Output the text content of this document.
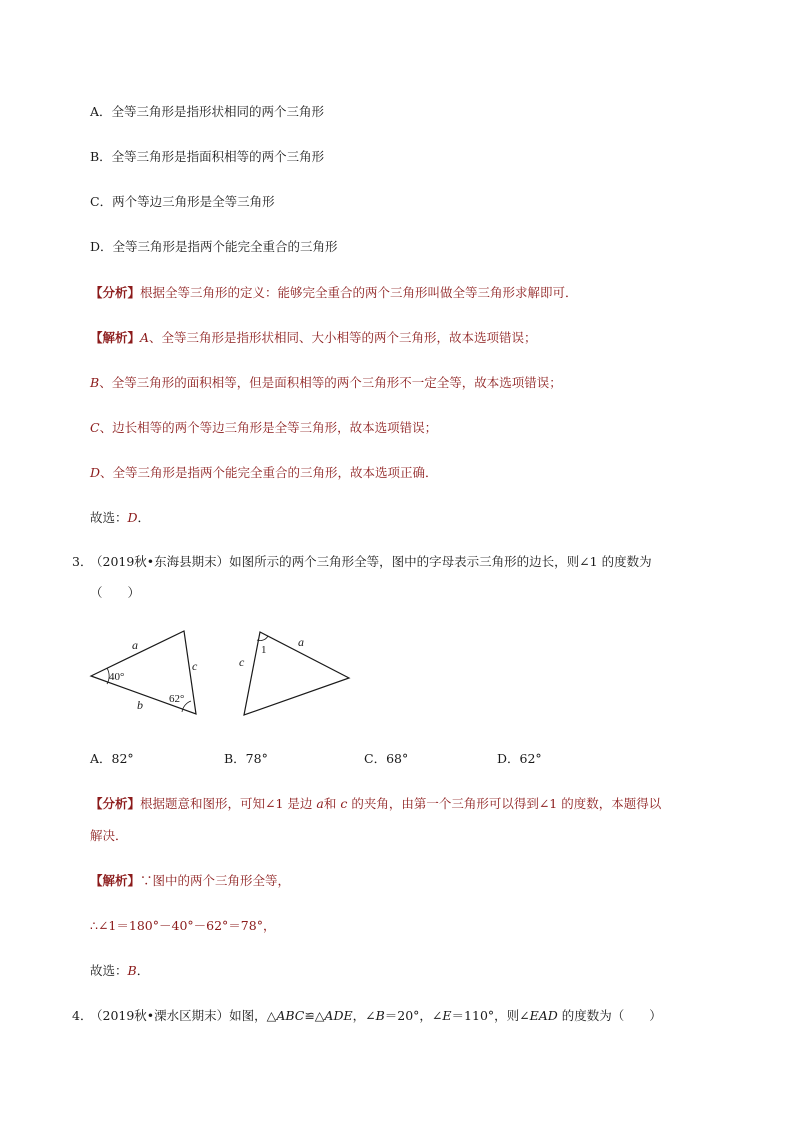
A．全等三角形是指形状相同的两个三角形
B．全等三角形是指面积相等的两个三角形
C．两个等边三角形是全等三角形
D．全等三角形是指两个能完全重合的三角形
【分析】根据全等三角形的定义：能够完全重合的两个三角形叫做全等三角形求解即可．
【解析】A、全等三角形是指形状相同、大小相等的两个三角形，故本选项错误；
B、全等三角形的面积相等，但是面积相等的两个三角形不一定全等，故本选项错误；
C、边长相等的两个等边三角形是全等三角形，故本选项错误；
D、全等三角形是指两个能完全重合的三角形，故本选项正确．
故选：D．
3．
（2019秋•东海县期末）如图所示的两个三角形全等，图中的字母表示三角形的边长，则∠1 的度数为
（　　）
a
c
b
40°
62°
c
a
1
A．82°	B．78°	C．68°	D．62°
【分析】根据题意和图形，可知∠1 是边 a和 c 的夹角，由第一个三角形可以得到∠1 的度数，本题得以
解决．
【解析】∵图中的两个三角形全等，
∴∠1＝180°－40°－62°＝78°，
故选：B．
4．
（2019秋•溧水区期末）如图，△ABC≌△ADE，∠B＝20°，∠E＝110°，则∠EAD 的度数为（　　）
